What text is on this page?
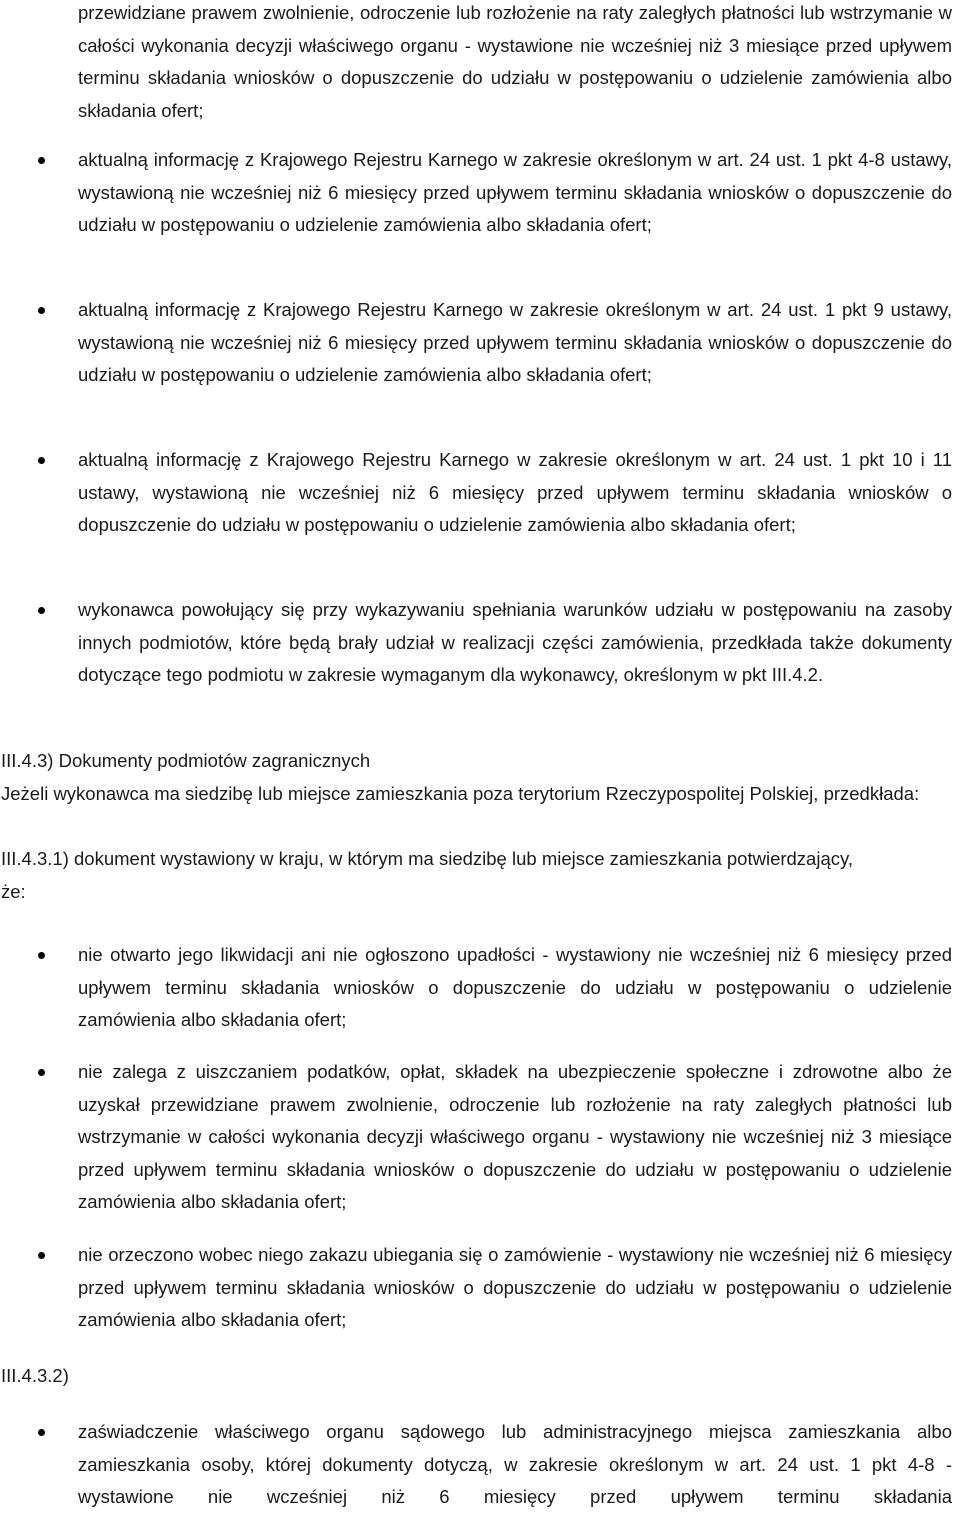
przewidziane prawem zwolnienie, odroczenie lub rozłożenie na raty zaległych płatności lub wstrzymanie w całości wykonania decyzji właściwego organu - wystawione nie wcześniej niż 3 miesiące przed upływem terminu składania wniosków o dopuszczenie do udziału w postępowaniu o udzielenie zamówienia albo składania ofert;

aktualną informację z Krajowego Rejestru Karnego w zakresie określonym w art. 24 ust. 1 pkt 4-8 ustawy, wystawioną nie wcześniej niż 6 miesięcy przed upływem terminu składania wniosków o dopuszczenie do udziału w postępowaniu o udzielenie zamówienia albo składania ofert;

aktualną informację z Krajowego Rejestru Karnego w zakresie określonym w art. 24 ust. 1 pkt 9 ustawy, wystawioną nie wcześniej niż 6 miesięcy przed upływem terminu składania wniosków o dopuszczenie do udziału w postępowaniu o udzielenie zamówienia albo składania ofert;

aktualną informację z Krajowego Rejestru Karnego w zakresie określonym w art. 24 ust. 1 pkt 10 i 11 ustawy, wystawioną nie wcześniej niż 6 miesięcy przed upływem terminu składania wniosków o dopuszczenie do udziału w postępowaniu o udzielenie zamówienia albo składania ofert;

wykonawca powołujący się przy wykazywaniu spełniania warunków udziału w postępowaniu na zasoby innych podmiotów, które będą brały udział w realizacji części zamówienia, przedkłada także dokumenty dotyczące tego podmiotu w zakresie wymaganym dla wykonawcy, określonym w pkt III.4.2.

III.4.3) Dokumenty podmiotów zagranicznych

Jeżeli wykonawca ma siedzibę lub miejsce zamieszkania poza terytorium Rzeczypospolitej Polskiej, przedkłada:

III.4.3.1) dokument wystawiony w kraju, w którym ma siedzibę lub miejsce zamieszkania potwierdzający, że:

nie otwarto jego likwidacji ani nie ogłoszono upadłości - wystawiony nie wcześniej niż 6 miesięcy przed upływem terminu składania wniosków o dopuszczenie do udziału w postępowaniu o udzielenie zamówienia albo składania ofert;

nie zalega z uiszczaniem podatków, opłat, składek na ubezpieczenie społeczne i zdrowotne albo że uzyskał przewidziane prawem zwolnienie, odroczenie lub rozłożenie na raty zaległych płatności lub wstrzymanie w całości wykonania decyzji właściwego organu - wystawiony nie wcześniej niż 3 miesiące przed upływem terminu składania wniosków o dopuszczenie do udziału w postępowaniu o udzielenie zamówienia albo składania ofert;

nie orzeczono wobec niego zakazu ubiegania się o zamówienie - wystawiony nie wcześniej niż 6 miesięcy przed upływem terminu składania wniosków o dopuszczenie do udziału w postępowaniu o udzielenie zamówienia albo składania ofert;

III.4.3.2)

zaświadczenie właściwego organu sądowego lub administracyjnego miejsca zamieszkania albo zamieszkania osoby, której dokumenty dotyczą, w zakresie określonym w art. 24 ust. 1 pkt 4-8 - wystawione nie wcześniej niż 6 miesięcy przed upływem terminu składania
